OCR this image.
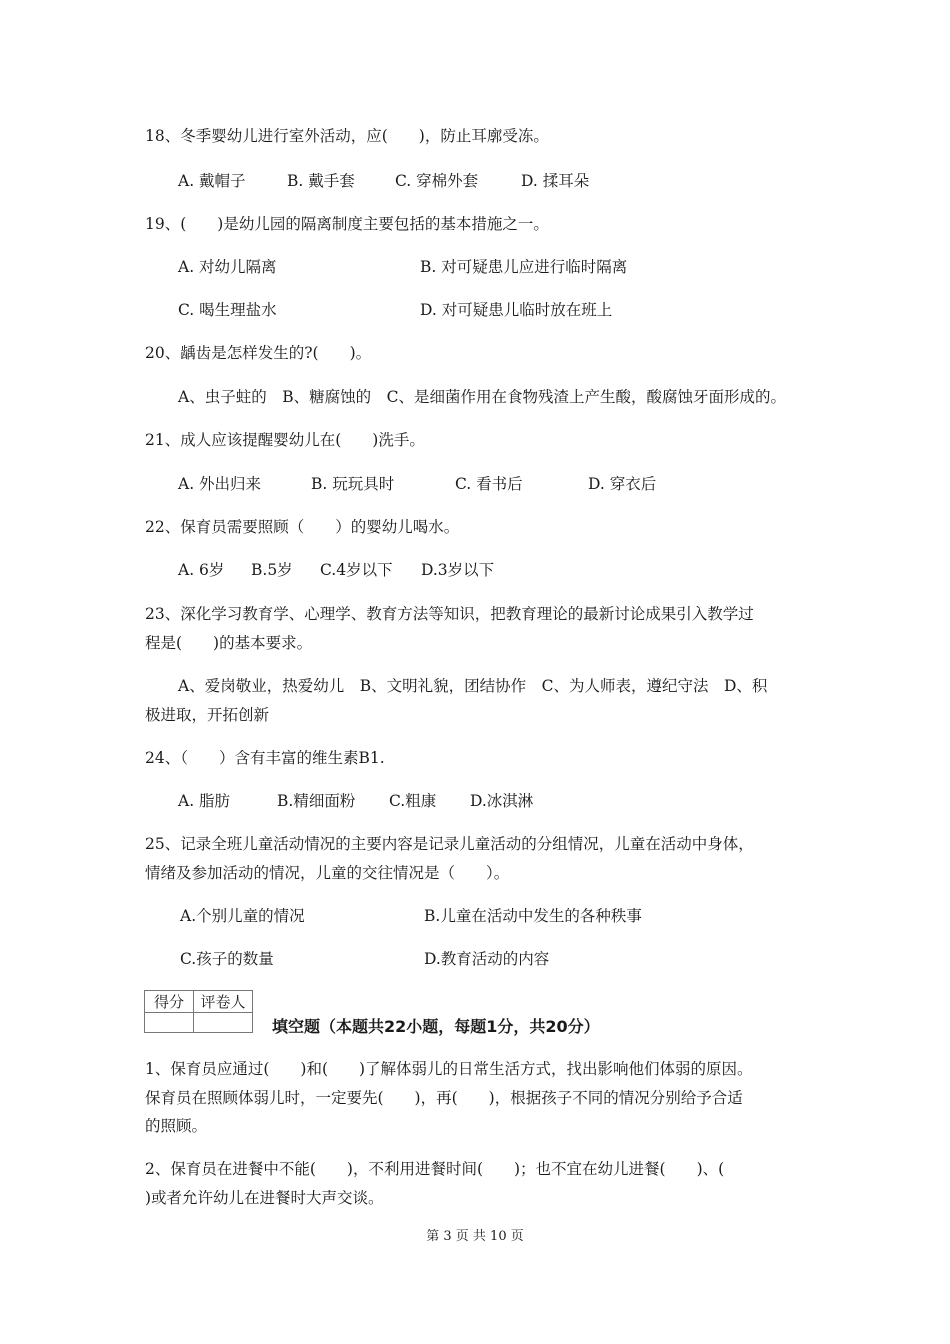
18、冬季婴幼儿进行室外活动，应(　　)，防止耳廓受冻。
A. 戴帽子	B. 戴手套	C. 穿棉外套	D. 揉耳朵
19、(　　)是幼儿园的隔离制度主要包括的基本措施之一。
A. 对幼儿隔离	B. 对可疑患儿应进行临时隔离
C. 喝生理盐水	D. 对可疑患儿临时放在班上
20、龋齿是怎样发生的?(　　)。
A、虫子蛀的　B、糖腐蚀的　C、是细菌作用在食物残渣上产生酸，酸腐蚀牙面形成的。
21、成人应该提醒婴幼儿在(　　)洗手。
A. 外出归来	B. 玩玩具时	C. 看书后	D. 穿衣后
22、保育员需要照顾（　　）的婴幼儿喝水。
A. 6岁 B.5岁 C.4岁以下 D.3岁以下
23、深化学习教育学、心理学、教育方法等知识，把教育理论的最新讨论成果引入教学过
程是(　　)的基本要求。
A、爱岗敬业，热爱幼儿　B、文明礼貌，团结协作　C、为人师表，遵纪守法　D、积
极进取，开拓创新
24、（　　）含有丰富的维生素B1.
A. 脂肪	B.精细面粉 C.粗康 D.冰淇淋
25、记录全班儿童活动情况的主要内容是记录儿童活动的分组情况，儿童在活动中身体，
情绪及参加活动的情况，儿童的交往情况是（　　）。
A.个别儿童的情况	B.儿童在活动中发生的各种秩事
C.孩子的数量	D.教育活动的内容
得分	评卷人

填空题（本题共22小题，每题1分，共20分）
1、保育员应通过(　　)和(　　)了解体弱儿的日常生活方式，找出影响他们体弱的原因。
保育员在照顾体弱儿时，一定要先(　　)，再(　　)，根据孩子不同的情况分别给予合适
的照顾。
2、保育员在进餐中不能(　　)，不利用进餐时间(　　)；也不宜在幼儿进餐(　　)、(
)或者允许幼儿在进餐时大声交谈。
第 3 页 共 10 页
